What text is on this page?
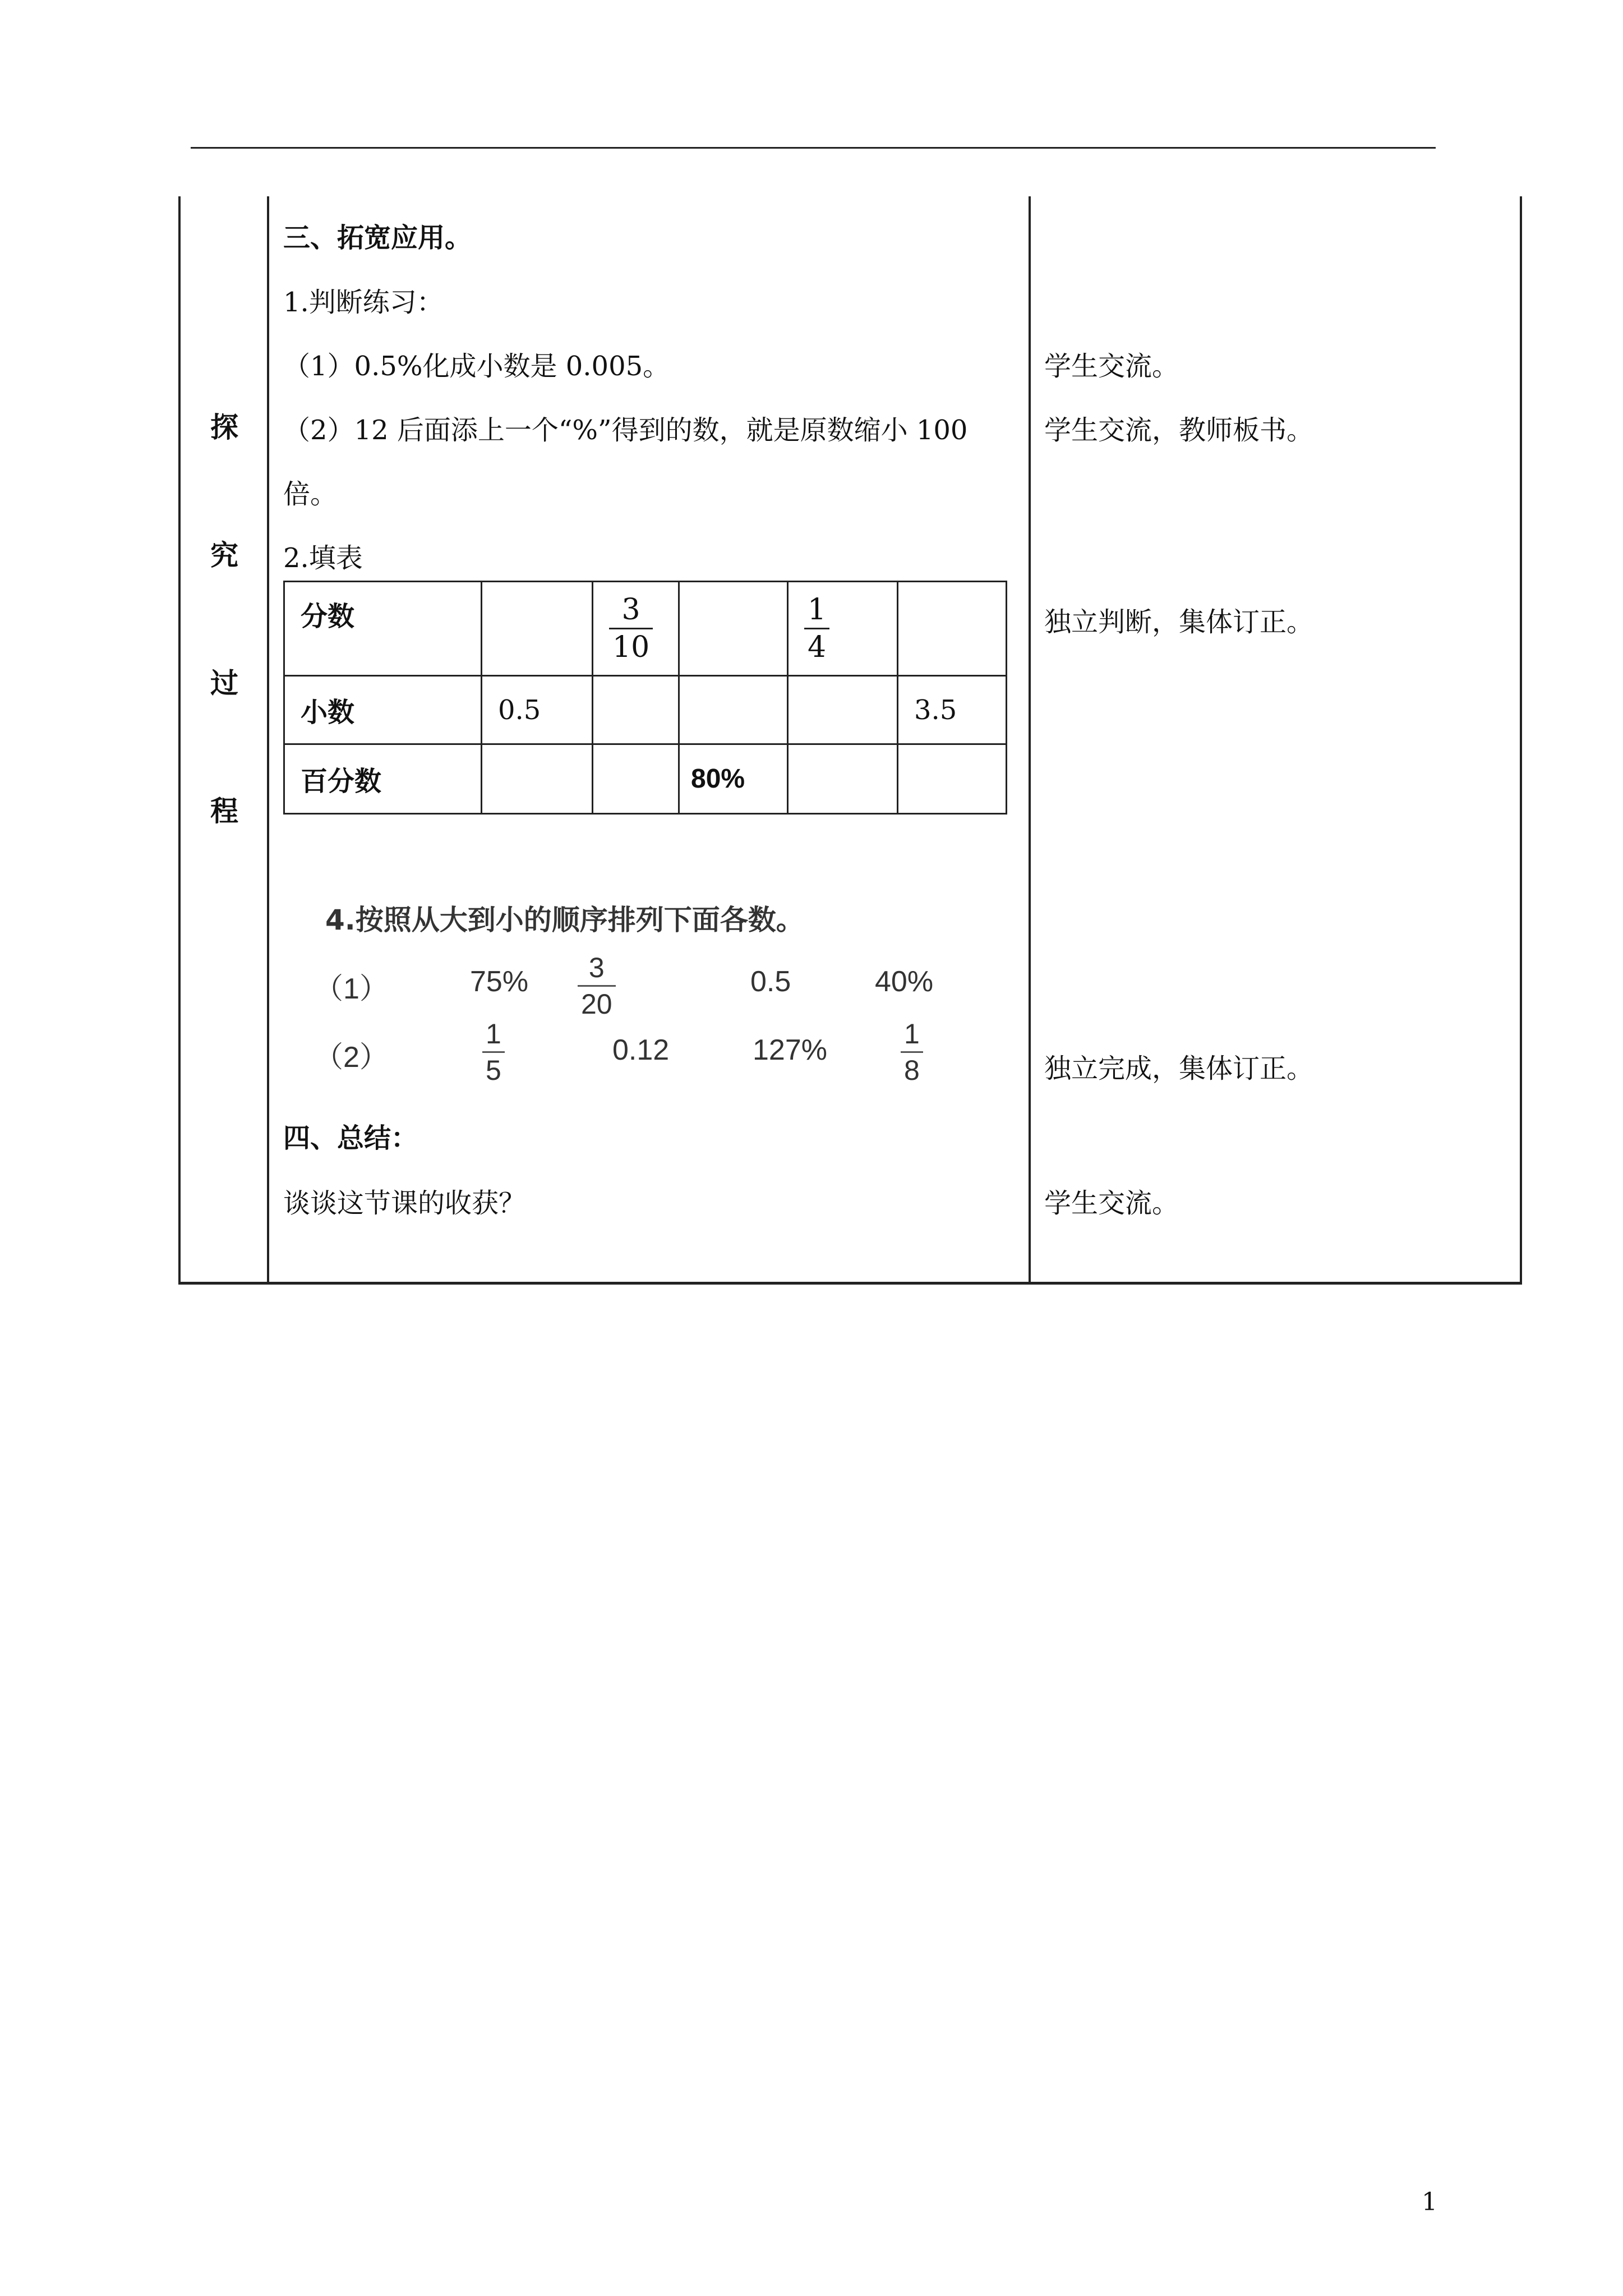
探
究
过
程
三、拓宽应用。
1.判断练习：
（1）0.5%化成小数是 0.005。
（2）12 后面添上一个“%”得到的数，就是原数缩小 100
倍。
2.填表
分数		$\frac{3}{10}$		$\frac{1}{4}$

小数	0.5				3.5
百分数			80%		
4.按照从大到小的顺序排列下面各数。
（1）	$75\% \frac{3}{20}$	0.5	40%
（2）	$\frac{1}{5}$	0.12	127%	$\frac{1}{8}$
四、总结：
谈谈这节课的收获？
学生交流。
学生交流，教师板书。
独立判断，集体订正。
独立完成，集体订正。
学生交流。
1
